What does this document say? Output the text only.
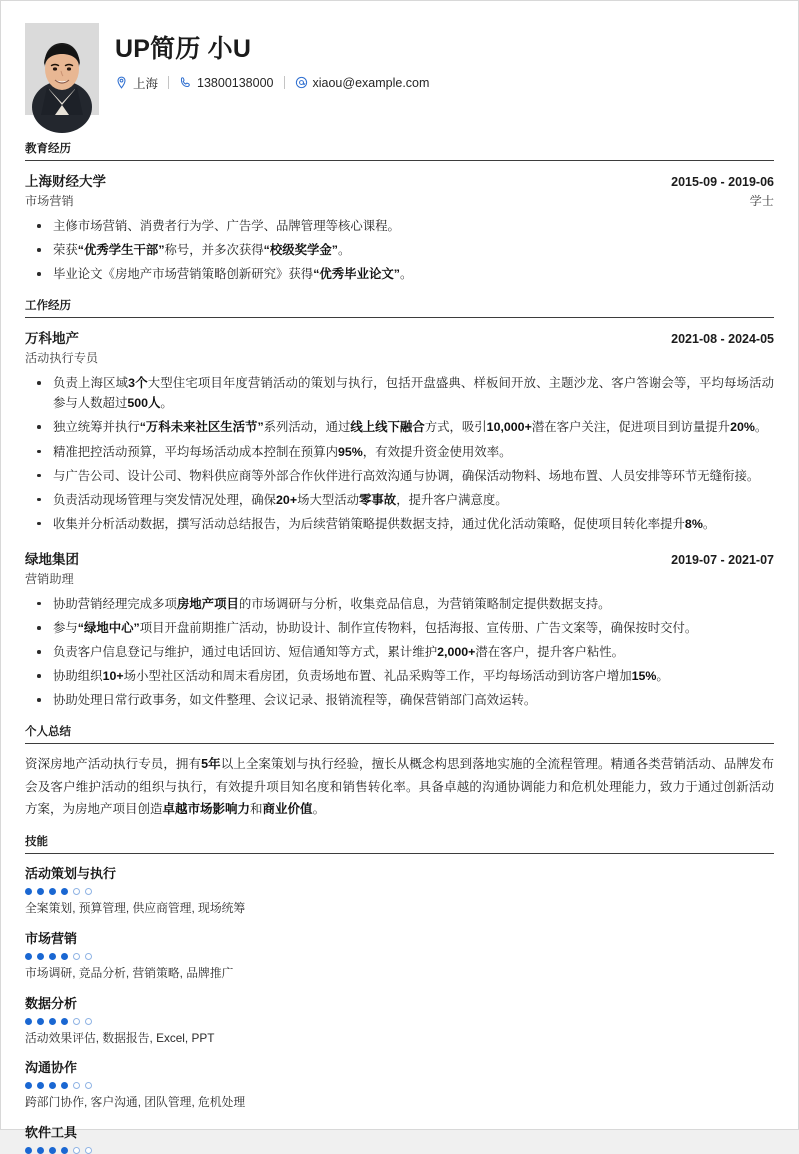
UP简历 小U
上海	13800138000	xiaou@example.com
教育经历
上海财经大学	2015-09 - 2019-06
市场营销	学士
主修市场营销、消费者行为学、广告学、品牌管理等核心课程。
荣获“优秀学生干部”称号，并多次获得“校级奖学金”。
毕业论文《房地产市场营销策略创新研究》获得“优秀毕业论文”。
工作经历
万科地产	2021-08 - 2024-05
活动执行专员
负责上海区域3个大型住宅项目年度营销活动的策划与执行，包括开盘盛典、样板间开放、主题沙龙、客户答谢会等，平均每场活动参与人数超过500人。
独立统筹并执行“万科未来社区生活节”系列活动，通过线上线下融合方式，吸引10,000+潜在客户关注，促进项目到访量提升20%。
精准把控活动预算，平均每场活动成本控制在预算内95%，有效提升资金使用效率。
与广告公司、设计公司、物料供应商等外部合作伙伴进行高效沟通与协调，确保活动物料、场地布置、人员安排等环节无缝衔接。
负责活动现场管理与突发情况处理，确保20+场大型活动零事故，提升客户满意度。
收集并分析活动数据，撰写活动总结报告，为后续营销策略提供数据支持，通过优化活动策略，促使项目转化率提升8%。
绿地集团	2019-07 - 2021-07
营销助理
协助营销经理完成多项房地产项目的市场调研与分析，收集竞品信息，为营销策略制定提供数据支持。
参与“绿地中心”项目开盘前期推广活动，协助设计、制作宣传物料，包括海报、宣传册、广告文案等，确保按时交付。
负责客户信息登记与维护，通过电话回访、短信通知等方式，累计维护2,000+潜在客户，提升客户粘性。
协助组织10+场小型社区活动和周末看房团，负责场地布置、礼品采购等工作，平均每场活动到访客户增加15%。
协助处理日常行政事务，如文件整理、会议记录、报销流程等，确保营销部门高效运转。
个人总结
资深房地产活动执行专员，拥有5年以上全案策划与执行经验，擅长从概念构思到落地实施的全流程管理。精通各类营销活动、品牌发布会及客户维护活动的组织与执行，有效提升项目知名度和销售转化率。具备卓越的沟通协调能力和危机处理能力，致力于通过创新活动方案，为房地产项目创造卓越市场影响力和商业价值。
技能
活动策划与执行
全案策划, 预算管理, 供应商管理, 现场统筹
市场营销
市场调研, 竞品分析, 营销策略, 品牌推广
数据分析
活动效果评估, 数据报告, Excel, PPT
沟通协作
跨部门协作, 客户沟通, 团队管理, 危机处理
软件工具
